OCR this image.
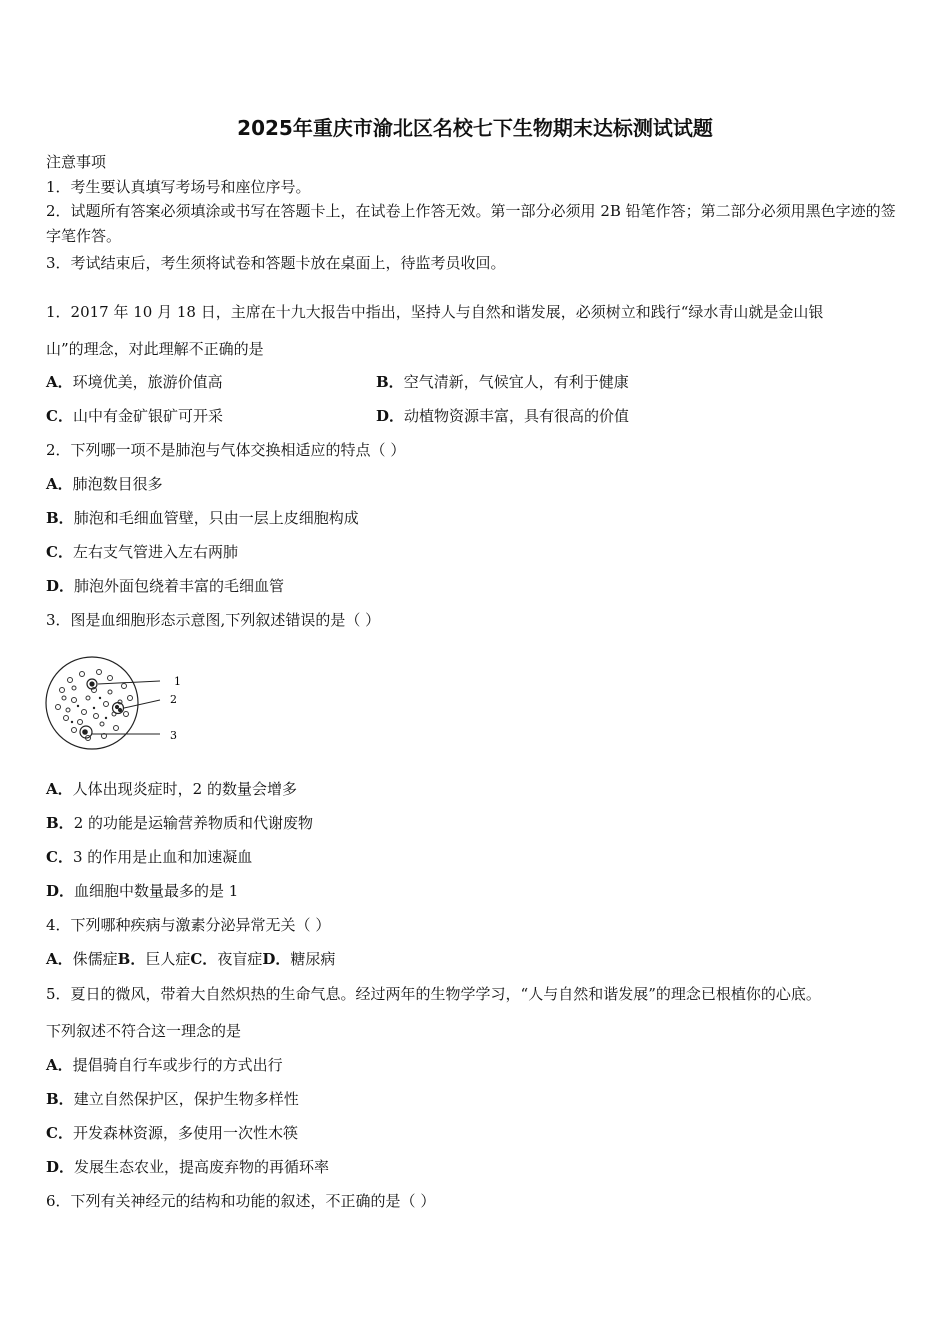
2025年重庆市渝北区名校七下生物期末达标测试试题
注意事项
1．考生要认真填写考场号和座位序号。
2．试题所有答案必须填涂或书写在答题卡上，在试卷上作答无效。第一部分必须用 2B 铅笔作答；第二部分必须用黑色字迹的签字笔作答。
3．考试结束后，考生须将试卷和答题卡放在桌面上，待监考员收回。
1．2017 年 10 月 18 日，主席在十九大报告中指出，坚持人与自然和谐发展，必须树立和践行“绿水青山就是金山银
山”的理念，对此理解不正确的是
A．环境优美，旅游价值高	B．空气清新，气候宜人，有利于健康
C．山中有金矿银矿可开采	D．动植物资源丰富，具有很高的价值
2．下列哪一项不是肺泡与气体交换相适应的特点（ ）
A．肺泡数目很多
B．肺泡和毛细血管壁，只由一层上皮细胞构成
C．左右支气管进入左右两肺
D．肺泡外面包绕着丰富的毛细血管
3．图是血细胞形态示意图,下列叙述错误的是（ ）
1
2
3
A．人体出现炎症时，2 的数量会增多
B．2 的功能是运输营养物质和代谢废物
C．3 的作用是止血和加速凝血
D．血细胞中数量最多的是 1
4．下列哪种疾病与激素分泌异常无关（ ）
A．侏儒症B．巨人症C．夜盲症D．糖尿病
5．夏日的微风，带着大自然炽热的生命气息。经过两年的生物学学习，“人与自然和谐发展”的理念已根植你的心底。
下列叙述不符合这一理念的是
A．提倡骑自行车或步行的方式出行
B．建立自然保护区，保护生物多样性
C．开发森林资源，多使用一次性木筷
D．发展生态农业，提高废弃物的再循环率
6．下列有关神经元的结构和功能的叙述，不正确的是（ ）
